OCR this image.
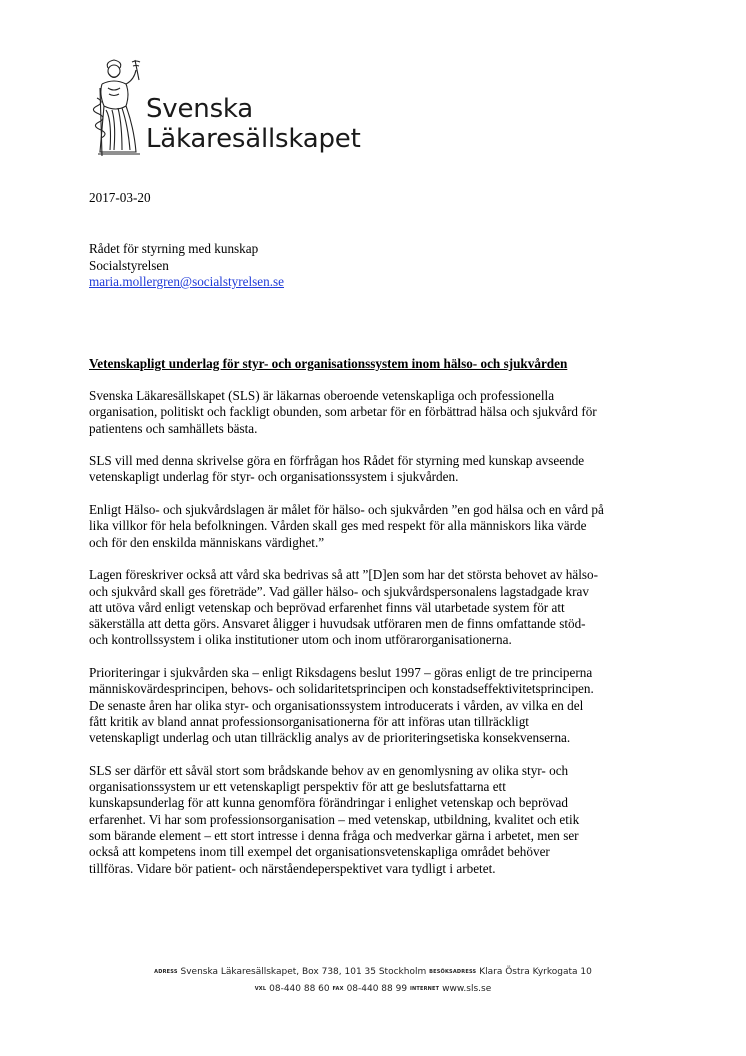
Svenska
Läkaresällskapet
2017-03-20
Rådet för styrning med kunskap
Socialstyrelsen
maria.mollergren@socialstyrelsen.se
Vetenskapligt underlag för styr- och organisationssystem inom hälso- och sjukvården

Svenska Läkaresällskapet (SLS) är läkarnas oberoende vetenskapliga och professionella
organisation, politiskt och fackligt obunden, som arbetar för en förbättrad hälsa och sjukvård för
patientens och samhällets bästa.

SLS vill med denna skrivelse göra en förfrågan hos Rådet för styrning med kunskap avseende
vetenskapligt underlag för styr- och organisationssystem i sjukvården.

Enligt Hälso- och sjukvårdslagen är målet för hälso- och sjukvården ”en god hälsa och en vård på
lika villkor för hela befolkningen. Vården skall ges med respekt för alla människors lika värde
och för den enskilda människans värdighet.”

Lagen föreskriver också att vård ska bedrivas så att ”[D]en som har det största behovet av hälso-
och sjukvård skall ges företräde”. Vad gäller hälso- och sjukvårdspersonalens lagstadgade krav
att utöva vård enligt vetenskap och beprövad erfarenhet finns väl utarbetade system för att
säkerställa att detta görs. Ansvaret åligger i huvudsak utföraren men de finns omfattande stöd-
och kontrollssystem i olika institutioner utom och inom utförarorganisationerna.

Prioriteringar i sjukvården ska – enligt Riksdagens beslut 1997 – göras enligt de tre principerna
människovärdesprincipen, behovs- och solidaritetsprincipen och konstadseffektivitetsprincipen.
De senaste åren har olika styr- och organisationssystem introducerats i vården, av vilka en del
fått kritik av bland annat professionsorganisationerna för att införas utan tillräckligt
vetenskapligt underlag och utan tillräcklig analys av de prioriteringsetiska konsekvenserna.

SLS ser därför ett såväl stort som brådskande behov av en genomlysning av olika styr- och
organisationssystem ur ett vetenskapligt perspektiv för att ge beslutsfattarna ett
kunskapsunderlag för att kunna genomföra förändringar i enlighet vetenskap och beprövad
erfarenhet. Vi har som professionsorganisation – med vetenskap, utbildning, kvalitet och etik
som bärande element – ett stort intresse i denna fråga och medverkar gärna i arbetet, men ser
också att kompetens inom till exempel det organisationsvetenskapliga området behöver
tillföras. Vidare bör patient- och närståendeperspektivet vara tydligt i arbetet.

ADRESS Svenska Läkaresällskapet, Box 738, 101 35 Stockholm BESÖKSADRESS Klara Östra Kyrkogata 10
VXL 08-440 88 60 FAX 08-440 88 99 INTERNET www.sls.se
